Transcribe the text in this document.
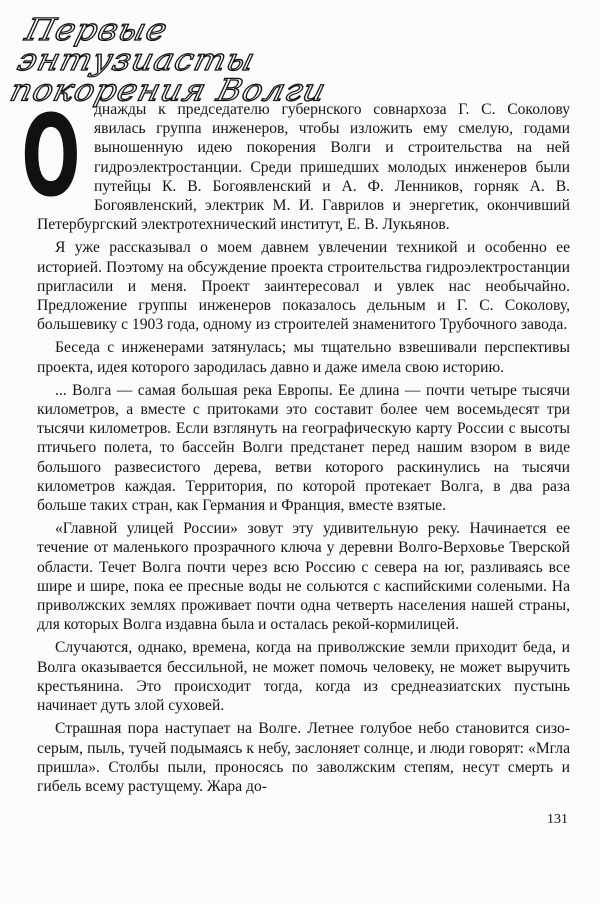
Первые энтузиасты
покорения Волги

Однажды к председателю губернского совнархоза Г. С. Соколову явилась группа инженеров, чтобы изложить ему смелую, годами выношенную идею покорения Волги и строительства на ней гидроэлектростанции. Среди пришедших молодых инженеров были путейцы К. В. Богоявленский и А. Ф. Ленников, горняк А. В. Богоявленский, электрик М. И. Гаврилов и энергетик, окончивший Петербургский электротехнический институт, Е. В. Лукьянов.

Я уже рассказывал о моем давнем увлечении техникой и особенно ее историей. Поэтому на обсуждение проекта строительства гидроэлектростанции пригласили и меня. Проект заинтересовал и увлек нас необычайно. Предложение группы инженеров показалось дельным и Г. С. Соколову, большевику с 1903 года, одному из строителей знаменитого Трубочного завода.

Беседа с инженерами затянулась; мы тщательно взвешивали перспективы проекта, идея которого зародилась давно и даже имела свою историю.

... Волга — самая большая река Европы. Ее длина — почти четыре тысячи километров, а вместе с притоками это составит более чем восемьдесят три тысячи километров. Если взглянуть на географическую карту России с высоты птичьего полета, то бассейн Волги предстанет перед нашим взором в виде большого развесистого дерева, ветви которого раскинулись на тысячи километров каждая. Территория, по которой протекает Волга, в два раза больше таких стран, как Германия и Франция, вместе взятые.

«Главной улицей России» зовут эту удивительную реку. Начинается ее течение от маленького прозрачного ключа у деревни Волго-Верховье Тверской области. Течет Волга почти через всю Россию с севера на юг, разливаясь все шире и шире, пока ее пресные воды не сольются с каспийскими солеными. На приволжских землях проживает почти одна четверть населения нашей страны, для которых Волга издавна была и осталась рекой-кормилицей.

Случаются, однако, времена, когда на приволжские земли приходит беда, и Волга оказывается бессильной, не может помочь человеку, не может выручить крестьянина. Это происходит тогда, когда из среднеазиатских пустынь начинает дуть злой суховей.

Страшная пора наступает на Волге. Летнее голубое небо становится сизо-серым, пыль, тучей подымаясь к небу, заслоняет солнце, и люди говорят: «Мгла пришла». Столбы пыли, проносясь по заволжским степям, несут смерть и гибель всему растущему. Жара до-

131
